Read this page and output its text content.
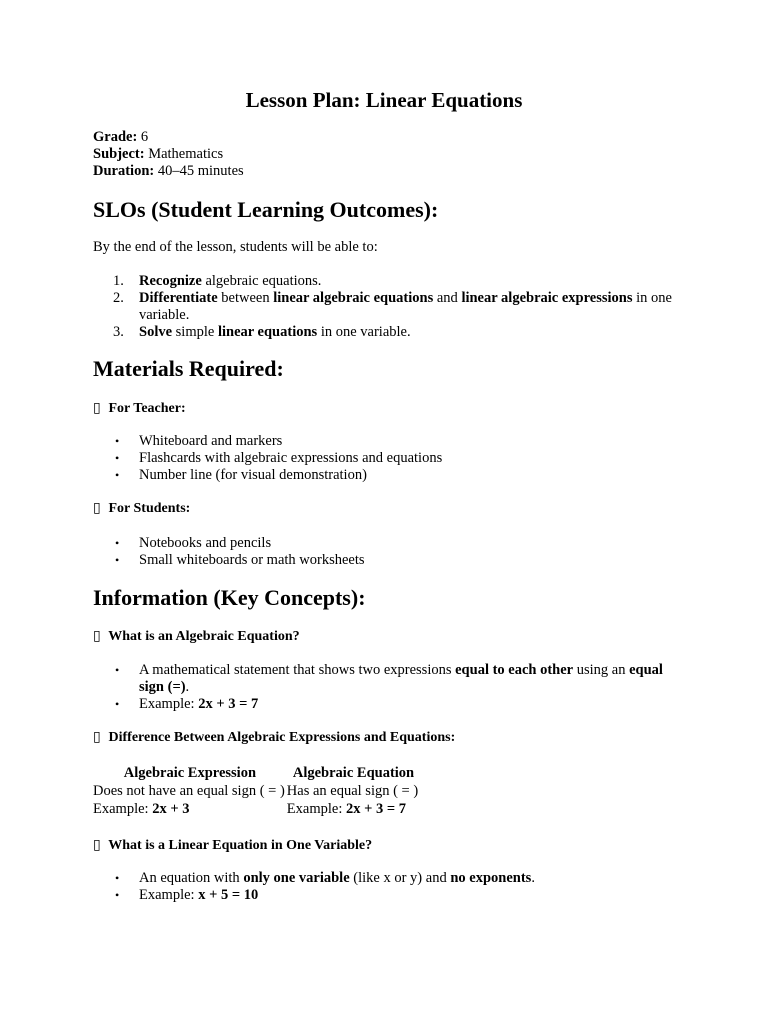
Lesson Plan: Linear Equations
Grade: 6
Subject: Mathematics
Duration: 40–45 minutes
SLOs (Student Learning Outcomes):

By the end of the lesson, students will be able to:

1. Recognize algebraic equations.
2. Differentiate between linear algebraic equations and linear algebraic expressions in one variable.
3. Solve simple linear equations in one variable.
Materials Required:
▯ For Teacher:
• Whiteboard and markers
• Flashcards with algebraic expressions and equations
• Number line (for visual demonstration)
▯ For Students:
• Notebooks and pencils
• Small whiteboards or math worksheets
Information (Key Concepts):
▯ What is an Algebraic Equation?
• A mathematical statement that shows two expressions equal to each other using an equal sign (=).
• Example: 2x + 3 = 7
▯ Difference Between Algebraic Expressions and Equations:
Algebraic Expression	Algebraic Equation
Does not have an equal sign ( = )	Has an equal sign ( = )
Example: 2x + 3	Example: 2x + 3 = 7
▯ What is a Linear Equation in One Variable?
• An equation with only one variable (like x or y) and no exponents.
• Example: x + 5 = 10
